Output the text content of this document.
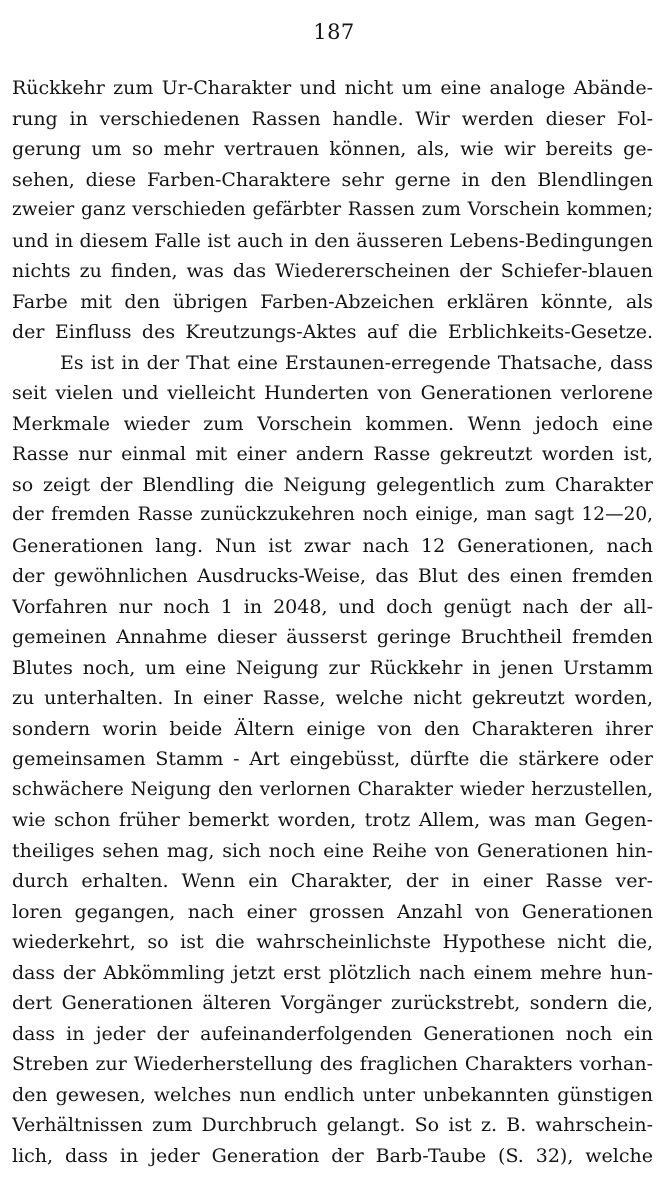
187
Rückkehr zum Ur-Charakter und nicht um eine analoge Abände-
rung in verschiedenen Rassen handle. Wir werden dieser Fol-
gerung um so mehr vertrauen können, als, wie wir bereits ge-
sehen, diese Farben-Charaktere sehr gerne in den Blendlingen
zweier ganz verschieden gefärbter Rassen zum Vorschein kommen;
und in diesem Falle ist auch in den äusseren Lebens-Bedingungen
nichts zu finden, was das Wiedererscheinen der Schiefer-blauen
Farbe mit den übrigen Farben-Abzeichen erklären könnte, als
der Einfluss des Kreutzungs-Aktes auf die Erblichkeits-Gesetze.
Es ist in der That eine Erstaunen-erregende Thatsache, dass
seit vielen und vielleicht Hunderten von Generationen verlorene
Merkmale wieder zum Vorschein kommen. Wenn jedoch eine
Rasse nur einmal mit einer andern Rasse gekreutzt worden ist,
so zeigt der Blendling die Neigung gelegentlich zum Charakter
der fremden Rasse zunückzukehren noch einige, man sagt 12—20,
Generationen lang. Nun ist zwar nach 12 Generationen, nach
der gewöhnlichen Ausdrucks-Weise, das Blut des einen fremden
Vorfahren nur noch 1 in 2048, und doch genügt nach der all-
gemeinen Annahme dieser äusserst geringe Bruchtheil fremden
Blutes noch, um eine Neigung zur Rückkehr in jenen Urstamm
zu unterhalten. In einer Rasse, welche nicht gekreutzt worden,
sondern worin beide Ältern einige von den Charakteren ihrer
gemeinsamen Stamm - Art eingebüsst, dürfte die stärkere oder
schwächere Neigung den verlornen Charakter wieder herzustellen,
wie schon früher bemerkt worden, trotz Allem, was man Gegen-
theiliges sehen mag, sich noch eine Reihe von Generationen hin-
durch erhalten. Wenn ein Charakter, der in einer Rasse ver-
loren gegangen, nach einer grossen Anzahl von Generationen
wiederkehrt, so ist die wahrscheinlichste Hypothese nicht die,
dass der Abkömmling jetzt erst plötzlich nach einem mehre hun-
dert Generationen älteren Vorgänger zurückstrebt, sondern die,
dass in jeder der aufeinanderfolgenden Generationen noch ein
Streben zur Wiederherstellung des fraglichen Charakters vorhan-
den gewesen, welches nun endlich unter unbekannten günstigen
Verhältnissen zum Durchbruch gelangt. So ist z. B. wahrschein-
lich, dass in jeder Generation der Barb-Taube (S. 32), welche
